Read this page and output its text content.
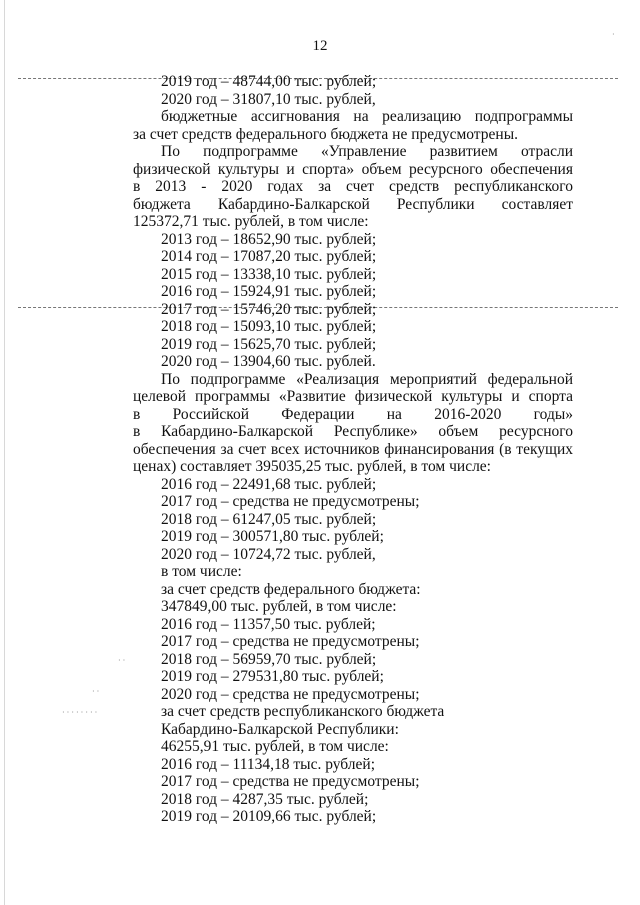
12
· ·
· · · · · · · ·
· ·
·
2019 год – 48744,00 тыс. рублей;
2020 год – 31807,10 тыс. рублей,
бюджетные ассигнования на реализацию подпрограммы
за счет средств федерального бюджета не предусмотрены.
По подпрограмме «Управление развитием отрасли
физической культуры и спорта» объем ресурсного обеспечения
в 2013 - 2020 годах за счет средств республиканского
бюджета Кабардино-Балкарской Республики составляет
125372,71 тыс. рублей, в том числе:
2013 год – 18652,90 тыс. рублей;
2014 год – 17087,20 тыс. рублей;
2015 год – 13338,10 тыс. рублей;
2016 год – 15924,91 тыс. рублей;
2017 год – 15746,20 тыс. рублей;
2018 год – 15093,10 тыс. рублей;
2019 год – 15625,70 тыс. рублей;
2020 год – 13904,60 тыс. рублей.
По подпрограмме «Реализация мероприятий федеральной
целевой программы «Развитие физической культуры и спорта
в Российской Федерации на 2016-2020 годы»
в Кабардино-Балкарской Республике» объем ресурсного
обеспечения за счет всех источников финансирования (в текущих
ценах) составляет 395035,25 тыс. рублей, в том числе:
2016 год – 22491,68 тыс. рублей;
2017 год – средства не предусмотрены;
2018 год – 61247,05 тыс. рублей;
2019 год – 300571,80 тыс. рублей;
2020 год – 10724,72 тыс. рублей,
в том числе:
за счет средств федерального бюджета:
347849,00 тыс. рублей, в том числе:
2016 год – 11357,50 тыс. рублей;
2017 год – средства не предусмотрены;
2018 год – 56959,70 тыс. рублей;
2019 год – 279531,80 тыс. рублей;
2020 год – средства не предусмотрены;
за счет средств республиканского бюджета
Кабардино-Балкарской Республики:
46255,91 тыс. рублей, в том числе:
2016 год – 11134,18 тыс. рублей;
2017 год – средства не предусмотрены;
2018 год – 4287,35 тыс. рублей;
2019 год – 20109,66 тыс. рублей;
